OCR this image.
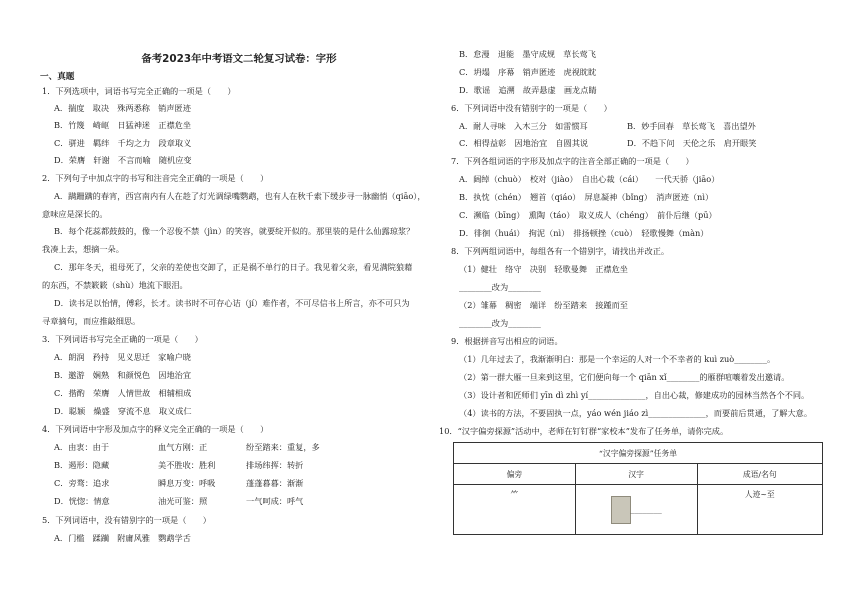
备考2023年中考语文二轮复习试卷：字形
一、真题
1．下列选项中，词语书写完全正确的一项是（　　）
A．揣度　取决　殊两悉称　销声匿迹
B．竹篾　崎岖　日猛神迷　正襟危坐
C．骈进　羁绊　千均之力　段章取义
D．荣膺　轩谢　不言而喻　随机应变
2．下列句子中加点字的书写和注音完全正确的一项是（　　）
A．蹒跚蹒的春宵，西宫南内有人在趁了灯光调绿嘴鹦鹉，也有人在秋千索下缓步寻一脉幽悄（qiāo），
意味应是深长的。
B．每个花蕊都鼓鼓的，像一个忍俊不禁（jìn）的笑容，就要绽开似的。那里装的是什么仙露琼浆？
我凑上去，想摘一朵。
C．那年冬天，祖母死了，父亲的差使也交卸了，正是祸不单行的日子。我见着父亲，看见满院狼藉
的东西，不禁簌簌（shù）地流下眼泪。
D．读书足以怡情，傅彩，长才。读书时不可存心诘（jí）难作者，不可尽信书上所言，亦不可只为
寻章摘句，而应推敲细思。
3．下列词语书写完全正确的一项是（　　）
A．朗润　矜持　见义思迁　家喻户晓
B．邀游　娴熟　和颜悦色　因地治宜
C．揩酌　荣膺　人情世故　相辅相成
D．聪颖　燥盛　穿流不息　取义成仁
4．下列词语中字形及加点字的释义完全正确的一项是（　　）
A．由衷：由于	血气方刚：正	纷至踏来：重复，多
B．遏形：隐藏	美不胜收：胜利	排场纬挥：转折
C．旁骛：追求	瞬息万变：呼吸	蓬蓬暮暮：渐渐
D．恍惚：情意	油光可鉴：照	一气呵成：呼气
5．下列词语中，没有错别字的一项是（　　）
A．门槛　蹂躏　附庸风雅　鹦鹉学舌
B．怠漫　退能　墨守成规　草长莺飞
C．坍塌　序幕　销声匿迹　虎视眈眈
D．歌谣　追溯　故弄悬虚　画龙点睛
6．下列词语中没有错别字的一项是（　　）
A．耐人寻味　入木三分　如雷惯耳	B．妙手回春　草长莺飞　喜出望外
C．相得益彰　因地治宜　自圆其说	D．不趋下问　天伦之乐　肩开眼笑
7．下列各组词语的字形及加点字的注音全部正确的一项是（　　）
A．阔绰（chuò）　校对（jiào）　自出心裁（cái）　　一代天骄（jiāo）
B．执忱（chén）　翘首（qiáo）　屏息凝神（bǐng）　消声匿迹（nì）
C．濒临（bīng）　熏陶（táo）　取义成人（chéng）　前仆后继（pū）
D．徘徊（huái）　拘泥（nì）　排扬顿挫（cuò）　轻歌慢舞（màn）
8．下列两组词语中，每组各有一个错别字，请找出并改正。
（1）健壮　络守　决别　轻歌曼舞　正襟危坐
________改为________
（2）雏幕　稠密　端详　纷至踏来　接踵而至
________改为________
9．根据拼音写出相应的词语。
（1）几年过去了，我渐渐明白：那是一个幸运的人对一个不幸者的 kuì zuò________。
（2）第一群大雁一旦来到这里，它们便向每一个 qiān xǐ________的雁群喧嚷着发出邀请。
（3）设计者和匠师们 yīn dì zhì yí______________，自出心裁，修建成功的园林当然各个不同。
（4）读书的方法，不要固执一点，yáo wén jiáo zì______________，而要前后贯通，了解大意。
10．“汉字偏旁探源”活动中，老师在钉钉群“家校本”发布了任务单，请你完成。
“汉字偏旁探源”任务单		
偏旁	汉字	成语/名句
⺮	________	人迹~至
